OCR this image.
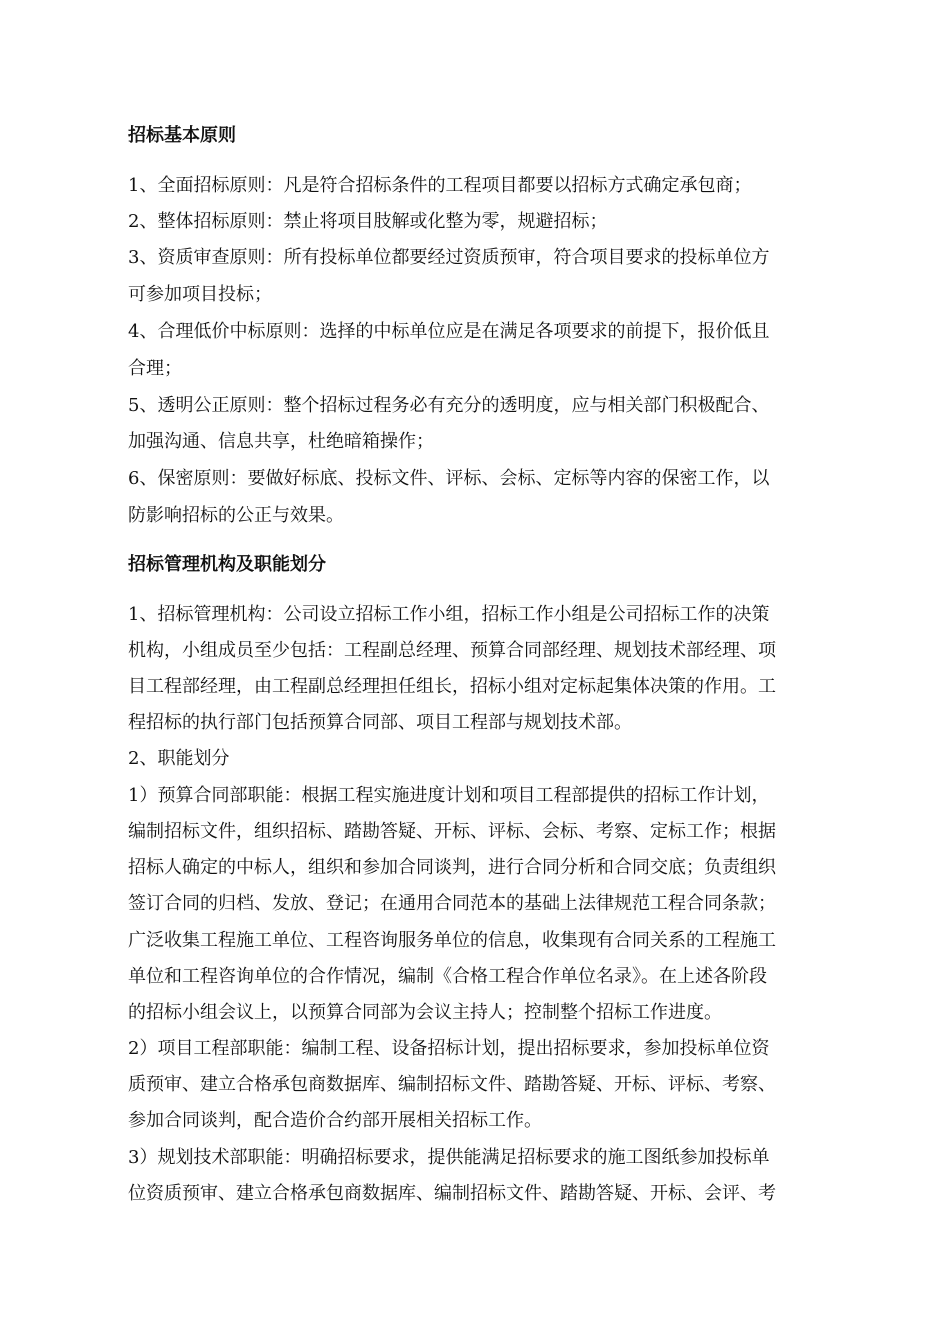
招标基本原则
1、全面招标原则：凡是符合招标条件的工程项目都要以招标方式确定承包商；
2、整体招标原则：禁止将项目肢解或化整为零，规避招标；
3、资质审查原则：所有投标单位都要经过资质预审，符合项目要求的投标单位方
可参加项目投标；
4、合理低价中标原则：选择的中标单位应是在满足各项要求的前提下，报价低且
合理；
5、透明公正原则：整个招标过程务必有充分的透明度，应与相关部门积极配合、
加强沟通、信息共享，杜绝暗箱操作；
6、保密原则：要做好标底、投标文件、评标、会标、定标等内容的保密工作，以
防影响招标的公正与效果。
招标管理机构及职能划分
1、招标管理机构：公司设立招标工作小组，招标工作小组是公司招标工作的决策
机构，小组成员至少包括：工程副总经理、预算合同部经理、规划技术部经理、项
目工程部经理，由工程副总经理担任组长，招标小组对定标起集体决策的作用。工
程招标的执行部门包括预算合同部、项目工程部与规划技术部。
2、职能划分
1）预算合同部职能：根据工程实施进度计划和项目工程部提供的招标工作计划，
编制招标文件，组织招标、踏勘答疑、开标、评标、会标、考察、定标工作；根据
招标人确定的中标人，组织和参加合同谈判，进行合同分析和合同交底；负责组织
签订合同的归档、发放、登记；在通用合同范本的基础上法律规范工程合同条款；
广泛收集工程施工单位、工程咨询服务单位的信息，收集现有合同关系的工程施工
单位和工程咨询单位的合作情况，编制《合格工程合作单位名录》。在上述各阶段
的招标小组会议上，以预算合同部为会议主持人；控制整个招标工作进度。
2）项目工程部职能：编制工程、设备招标计划，提出招标要求，参加投标单位资
质预审、建立合格承包商数据库、编制招标文件、踏勘答疑、开标、评标、考察、
参加合同谈判，配合造价合约部开展相关招标工作。
3）规划技术部职能：明确招标要求，提供能满足招标要求的施工图纸参加投标单
位资质预审、建立合格承包商数据库、编制招标文件、踏勘答疑、开标、会评、考
